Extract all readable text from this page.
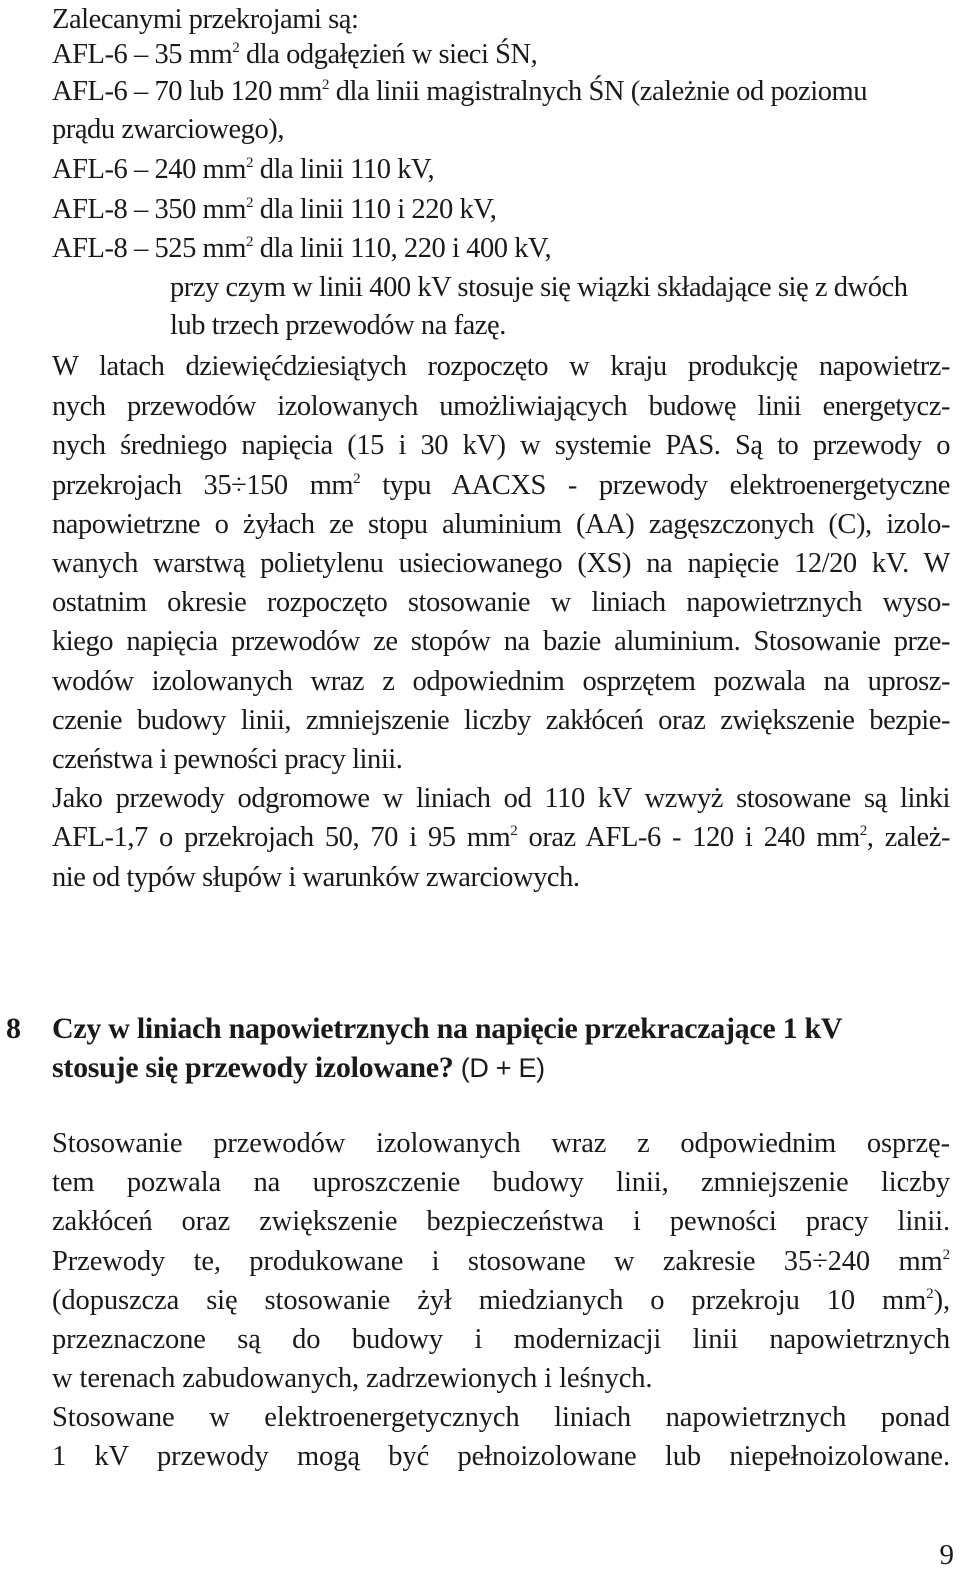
Zalecanymi przekrojami są:
AFL-6 – 35 $mm^2$ dla odgałęzień w sieci ŚN,
AFL-6 – 70 lub 120 $mm^2$ dla linii magistralnych ŚN (zależnie od poziomu
prądu zwarciowego),
AFL-6 – 240 $mm^2$ dla linii 110 kV,
AFL-8 – 350 $mm^2$ dla linii 110 i 220 kV,
AFL-8 – 525 $mm^2$ dla linii 110, 220 i 400 kV,
przy czym w linii 400 kV stosuje się wiązki składające się z dwóch
lub trzech przewodów na fazę.
W latach dziewięćdziesiątych rozpoczęto w kraju produkcję napowietrz-
nych przewodów izolowanych umożliwiających budowę linii energetycz-
nych średniego napięcia (15 i 30 kV) w systemie PAS. Są to przewody o
przekrojach 35÷150 $mm^2$ typu AACXS - przewody elektroenergetyczne
napowietrzne o żyłach ze stopu aluminium (AA) zagęszczonych (C), izolo-
wanych warstwą polietylenu usieciowanego (XS) na napięcie 12/20 kV. W
ostatnim okresie rozpoczęto stosowanie w liniach napowietrznych wyso-
kiego napięcia przewodów ze stopów na bazie aluminium. Stosowanie prze-
wodów izolowanych wraz z odpowiednim osprzętem pozwala na uprosz-
czenie budowy linii, zmniejszenie liczby zakłóceń oraz zwiększenie bezpie-
czeństwa i pewności pracy linii.
Jako przewody odgromowe w liniach od 110 kV wzwyż stosowane są linki
AFL-1,7 o przekrojach 50, 70 i 95 $mm^2$ oraz AFL-6 - 120 i 240 $mm^2$, zależ-
nie od typów słupów i warunków zwarciowych.
8 Czy w liniach napowietrznych na napięcie przekraczające 1 kV
stosuje się przewody izolowane? (D + E)
Stosowanie przewodów izolowanych wraz z odpowiednim osprzę-
tem pozwala na uproszczenie budowy linii, zmniejszenie liczby
zakłóceń oraz zwiększenie bezpieczeństwa i pewności pracy linii.
Przewody te, produkowane i stosowane w zakresie 35÷240 $mm^2$
(dopuszcza się stosowanie żył miedzianych o przekroju 10 $mm^2$),
przeznaczone są do budowy i modernizacji linii napowietrznych
w terenach zabudowanych, zadrzewionych i leśnych.
Stosowane w elektroenergetycznych liniach napowietrznych ponad
1 kV przewody mogą być pełnoizolowane lub niepełnoizolowane.
9
